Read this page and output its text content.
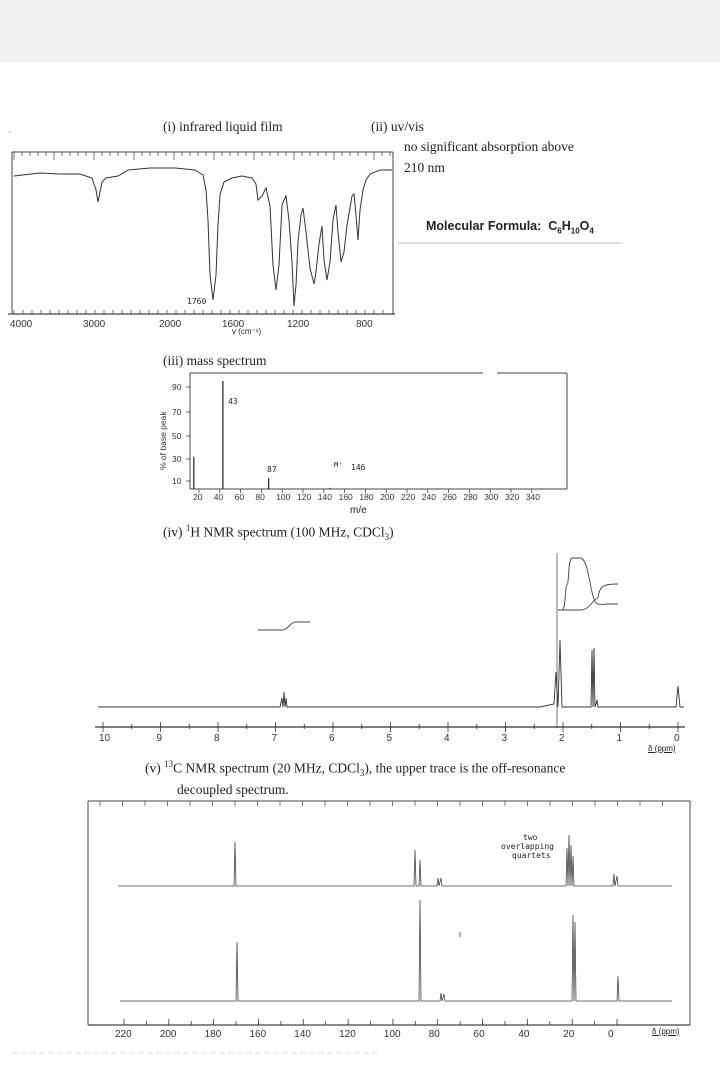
(i) infrared liquid film
4000	3000	2000	1600	1200	800
1760
v (cm⁻¹)
‘
(ii) uv/vis
no significant absorption above
210 nm
Molecular Formula: $C_6H_{10}O_4$
(iii) mass spectrum
90
70
50
30
10
20 40 60 80 100 120 140 160 180 200 220 240 260 280 300 320 340
% of base peak
43
87	M⁺ 146
m/e
(iv) $^1$H NMR spectrum (100 MHz, CDCl$_3$)
10	9	8	7	6	5	4	3	2	1	0
δ (ppm)
(v) $^{13}$C NMR spectrum (20 MHz, CDCl$_3$), the upper trace is the off-resonance
decoupled spectrum.
220	200	180	160	140	120	100	80	60	40	20	0
two
overlapping
quartets
δ (ppm)
